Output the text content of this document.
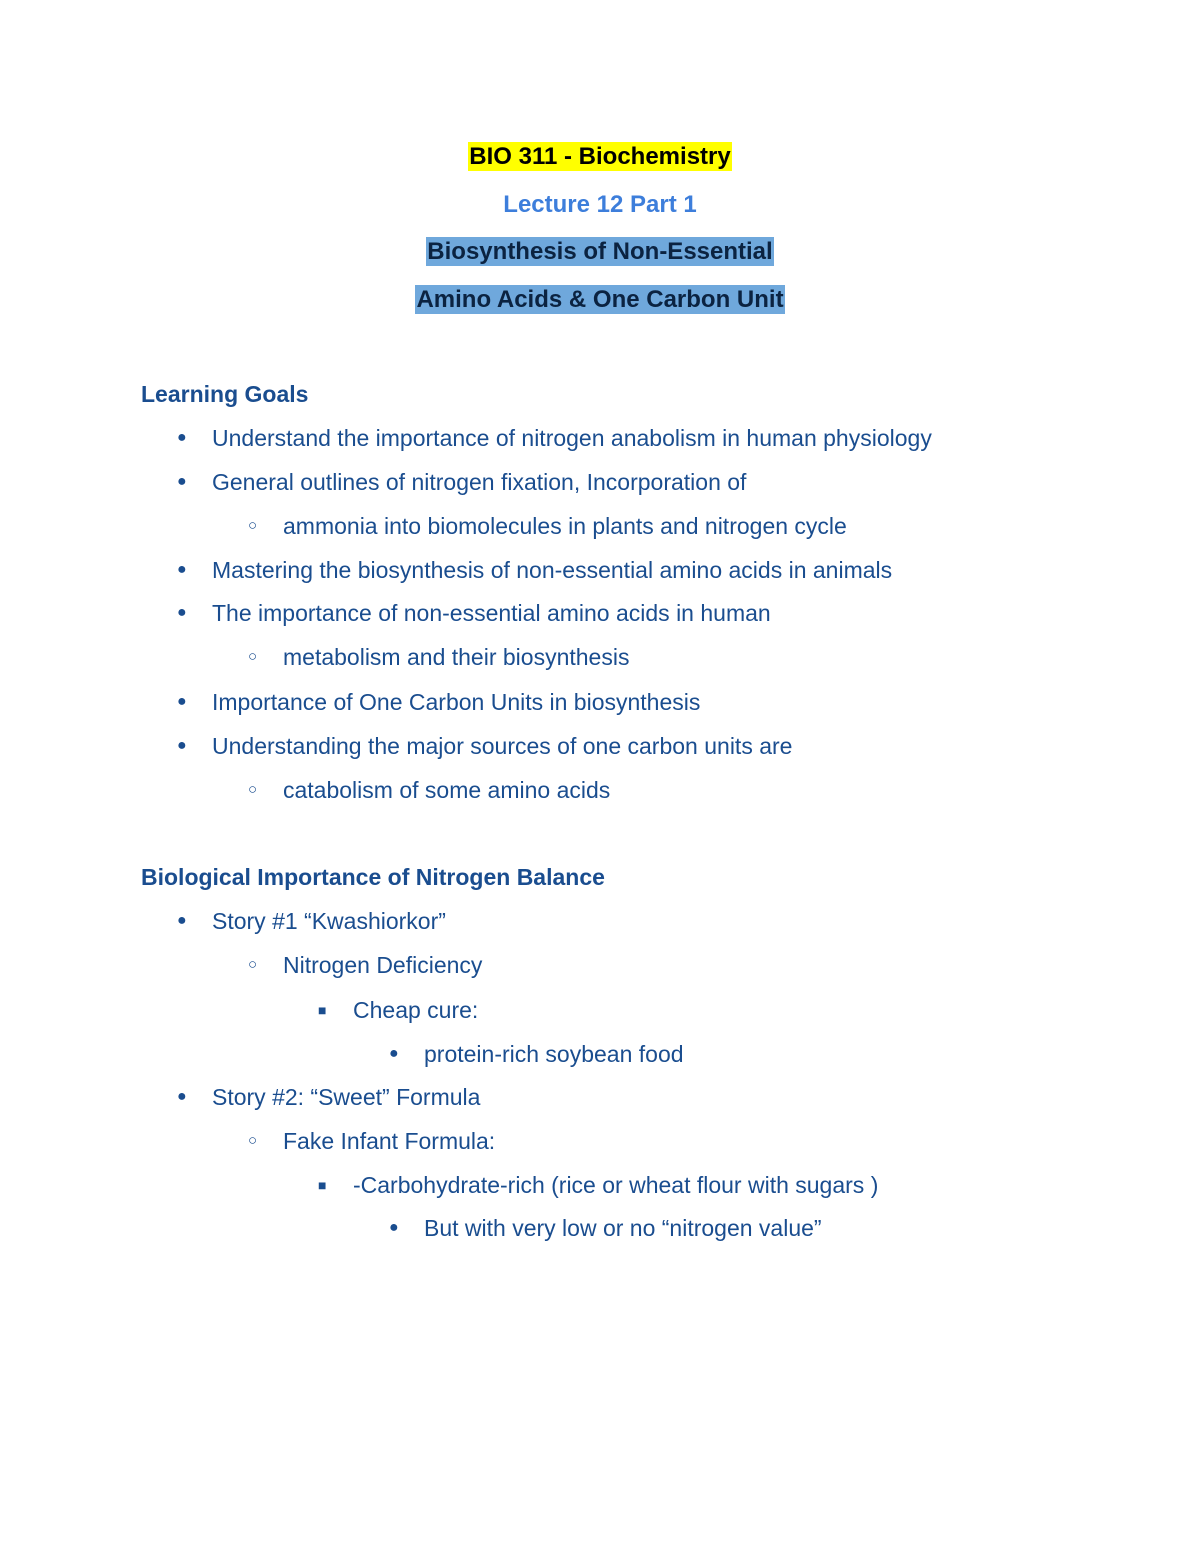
BIO 311 - Biochemistry
Lecture 12 Part 1
Biosynthesis of Non-Essential
Amino Acids & One Carbon Unit
Learning Goals
●
Understand the importance of nitrogen anabolism in human physiology
●
General outlines of nitrogen fixation, Incorporation of
○
ammonia into biomolecules in plants and nitrogen cycle
●
Mastering the biosynthesis of non-essential amino acids in animals
●
The importance of non-essential amino acids in human
○
metabolism and their biosynthesis
●
Importance of One Carbon Units in biosynthesis
●
Understanding the major sources of one carbon units are
○
catabolism of some amino acids
Biological Importance of Nitrogen Balance
●
Story #1 “Kwashiorkor”
○
Nitrogen Deficiency
■
Cheap cure:
●
protein-rich soybean food
●
Story #2: “Sweet” Formula
○
Fake Infant Formula:
■
-Carbohydrate-rich (rice or wheat flour with sugars )
●
But with very low or no “nitrogen value”
